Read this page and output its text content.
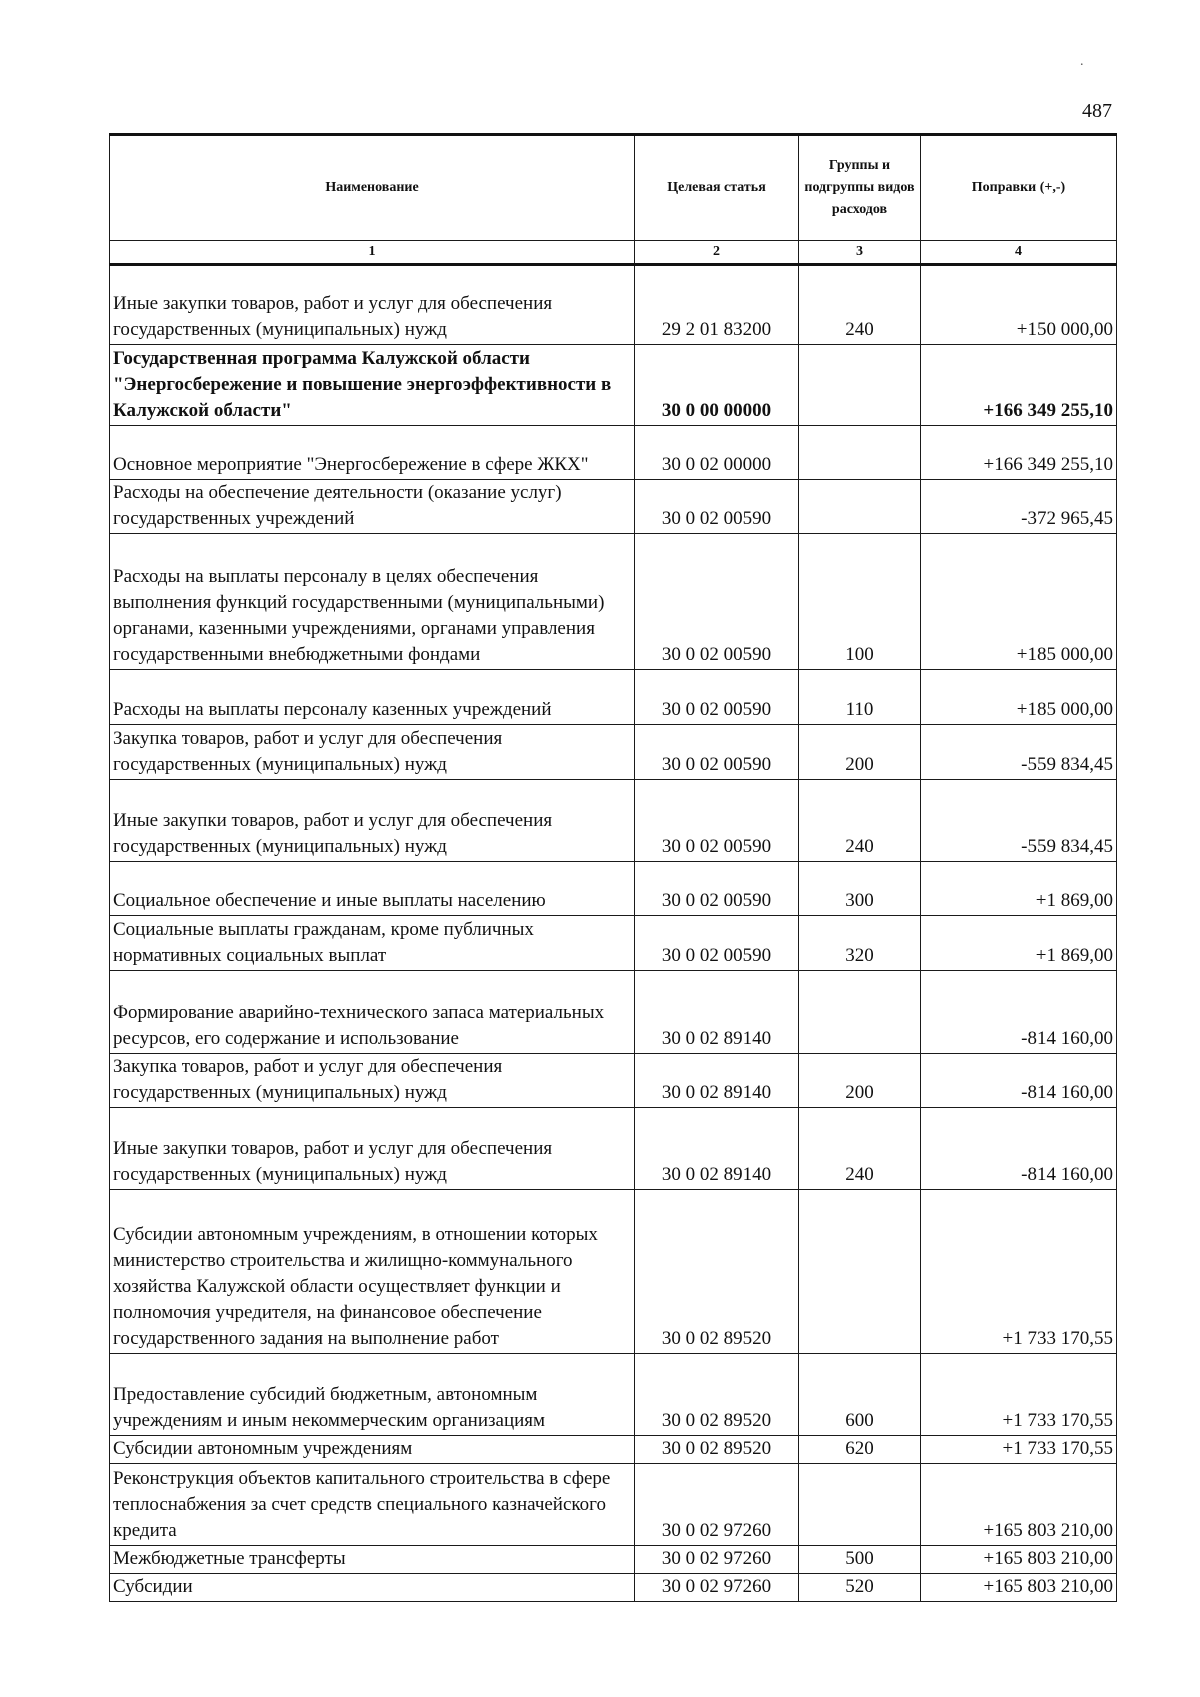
.
487
Наименование	Целевая статья	Группы и подгруппы видов расходов	Поправки (+,-)
1	2	3	4
Иные закупки товаров, работ и услуг для обеспечения государственных (муниципальных) нужд	29 2 01 83200	240	+150 000,00
Государственная программа Калужской области "Энергосбережение и повышение энергоэффективности в Калужской области"	30 0 00 00000		+166 349 255,10
Основное мероприятие "Энергосбережение в сфере ЖКХ"	30 0 02 00000		+166 349 255,10
Расходы на обеспечение деятельности (оказание услуг) государственных учреждений	30 0 02 00590		-372 965,45
Расходы на выплаты персоналу в целях обеспечения выполнения функций государственными (муниципальными) органами, казенными учреждениями, органами управления государственными внебюджетными фондами	30 0 02 00590	100	+185 000,00
Расходы на выплаты персоналу казенных учреждений	30 0 02 00590	110	+185 000,00
Закупка товаров, работ и услуг для обеспечения государственных (муниципальных) нужд	30 0 02 00590	200	-559 834,45
Иные закупки товаров, работ и услуг для обеспечения государственных (муниципальных) нужд	30 0 02 00590	240	-559 834,45
Социальное обеспечение и иные выплаты населению	30 0 02 00590	300	+1 869,00
Социальные выплаты гражданам, кроме публичных нормативных социальных выплат	30 0 02 00590	320	+1 869,00
Формирование аварийно-технического запаса материальных ресурсов, его содержание и использование	30 0 02 89140		-814 160,00
Закупка товаров, работ и услуг для обеспечения государственных (муниципальных) нужд	30 0 02 89140	200	-814 160,00
Иные закупки товаров, работ и услуг для обеспечения государственных (муниципальных) нужд	30 0 02 89140	240	-814 160,00
Субсидии автономным учреждениям, в отношении которых министерство строительства и жилищно-коммунального хозяйства Калужской области осуществляет функции и полномочия учредителя, на финансовое обеспечение государственного задания на выполнение работ	30 0 02 89520		+1 733 170,55
Предоставление субсидий бюджетным, автономным учреждениям и иным некоммерческим организациям	30 0 02 89520	600	+1 733 170,55
Субсидии автономным учреждениям	30 0 02 89520	620	+1 733 170,55
Реконструкция объектов капитального строительства в сфере теплоснабжения за счет средств специального казначейского кредита	30 0 02 97260		+165 803 210,00
Межбюджетные трансферты	30 0 02 97260	500	+165 803 210,00
Субсидии	30 0 02 97260	520	+165 803 210,00
